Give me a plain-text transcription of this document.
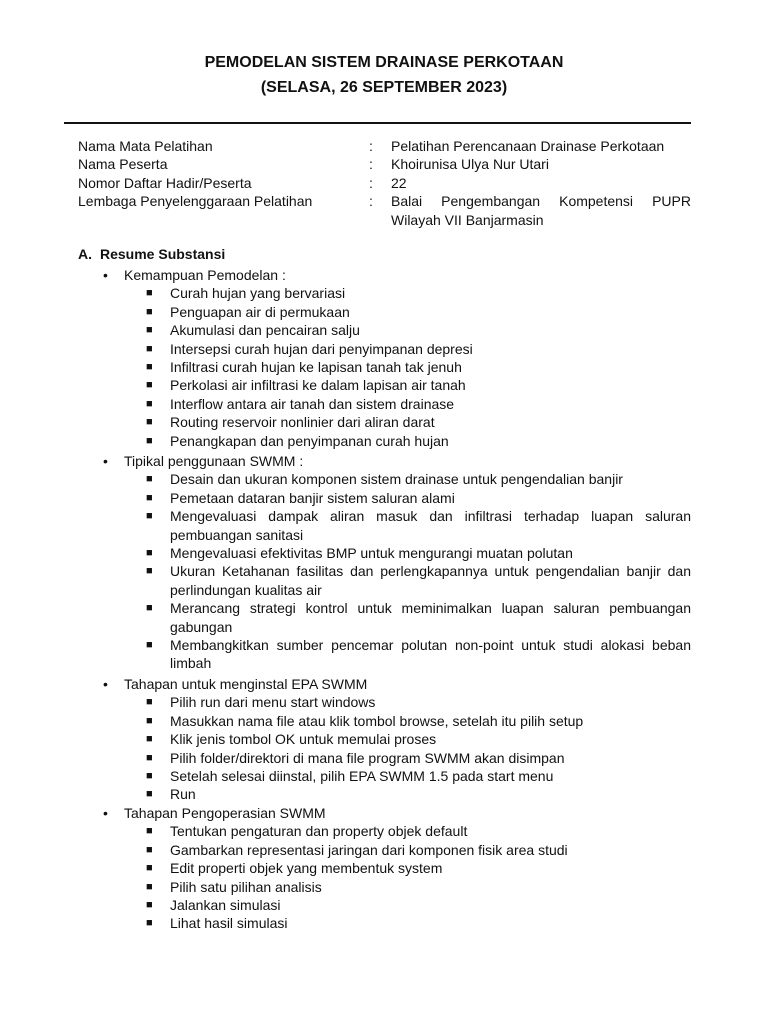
PEMODELAN SISTEM DRAINASE PERKOTAAN
(SELASA, 26 SEPTEMBER 2023)
Nama Mata Pelatihan	: Pelatihan Perencanaan Drainase Perkotaan
Nama Peserta	: Khoirunisa Ulya Nur Utari
Nomor Daftar Hadir/Peserta	: 22
Lembaga Penyelenggaraan Pelatihan	: Balai Pengembangan Kompetensi PUPR Wilayah VII Banjarmasin
A. Resume Substansi
• Kemampuan Pemodelan :
■ Curah hujan yang bervariasi
■ Penguapan air di permukaan
■ Akumulasi dan pencairan salju
■ Intersepsi curah hujan dari penyimpanan depresi
■ Infiltrasi curah hujan ke lapisan tanah tak jenuh
■ Perkolasi air infiltrasi ke dalam lapisan air tanah
■ Interflow antara air tanah dan sistem drainase
■ Routing reservoir nonlinier dari aliran darat
■ Penangkapan dan penyimpanan curah hujan
• Tipikal penggunaan SWMM :
■ Desain dan ukuran komponen sistem drainase untuk pengendalian banjir
■ Pemetaan dataran banjir sistem saluran alami
■ Mengevaluasi dampak aliran masuk dan infiltrasi terhadap luapan saluran pembuangan sanitasi
■ Mengevaluasi efektivitas BMP untuk mengurangi muatan polutan
■ Ukuran Ketahanan fasilitas dan perlengkapannya untuk pengendalian banjir dan perlindungan kualitas air
■ Merancang strategi kontrol untuk meminimalkan luapan saluran pembuangan gabungan
■ Membangkitkan sumber pencemar polutan non-point untuk studi alokasi beban limbah
• Tahapan untuk menginstal EPA SWMM
■ Pilih run dari menu start windows
■ Masukkan nama file atau klik tombol browse, setelah itu pilih setup
■ Klik jenis tombol OK untuk memulai proses
■ Pilih folder/direktori di mana file program SWMM akan disimpan
■ Setelah selesai diinstal, pilih EPA SWMM 1.5 pada start menu
■ Run
• Tahapan Pengoperasian SWMM
■ Tentukan pengaturan dan property objek default
■ Gambarkan representasi jaringan dari komponen fisik area studi
■ Edit properti objek yang membentuk system
■ Pilih satu pilihan analisis
■ Jalankan simulasi
■ Lihat hasil simulasi
